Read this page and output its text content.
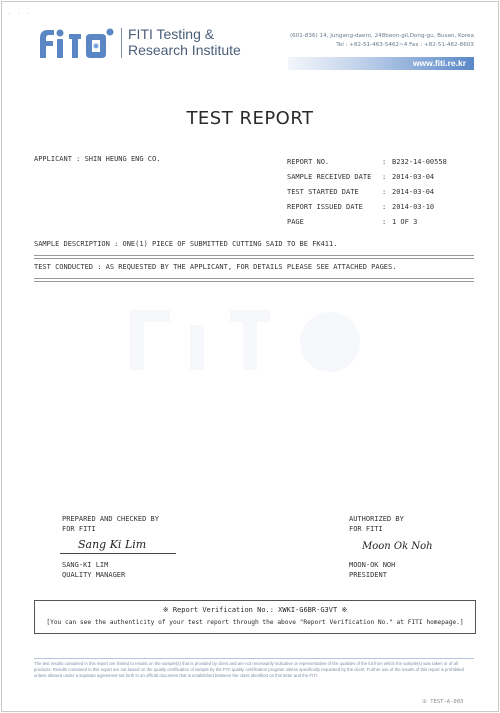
···
FITI Testing &
Research Institute
(601-836) 14, Jungang-daero, 248beon-gil,Dong-gu, Busan, Korea
Tel : +82-51-463-5462~4 Fax : +82-51-462-8603
www.fiti.re.kr
TEST REPORT
APPLICANT : SHIN HEUNG ENG CO.	REPORT NO.
SAMPLE RECEIVED DATE
TEST STARTED DATE
REPORT ISSUED DATE
PAGE
:
:
:
:
:
B232-14-00558
2014-03-04
2014-03-04
2014-03-10
1 OF 3
SAMPLE DESCRIPTION : ONE(1) PIECE OF SUBMITTED CUTTING SAID TO BE FK411.
TEST CONDUCTED : AS REQUESTED BY THE APPLICANT, FOR DETAILS PLEASE SEE ATTACHED PAGES.
PREPARED AND CHECKED BY
FOR FITI
Sang Ki Lim
SANG-KI LIM
QUALITY MANAGER
AUTHORIZED BY
FOR FITI
Moon Ok Noh
MOON-OK NOH
PRESIDENT
※ Report Verification No.: XWKI-G6BR-G3VT ※
[You can see the authenticity of your test report through the above "Report Verification No." at FITI homepage.]
The test results contained in this report are limited to results on the sample(s) that is provided by client and are not necessarily indicative or representative of the qualities of the lot from which the sample(s) was taken or of all products. Results contained in this report are not based on the quality certification of sample by the FITI quality certification program unless specifically requested by the client. Further use of the results of this report is prohibited unless allowed under a separate agreement set forth in an official document that is established between the client identified on this letter and the FITI.
② TEST-A-003
